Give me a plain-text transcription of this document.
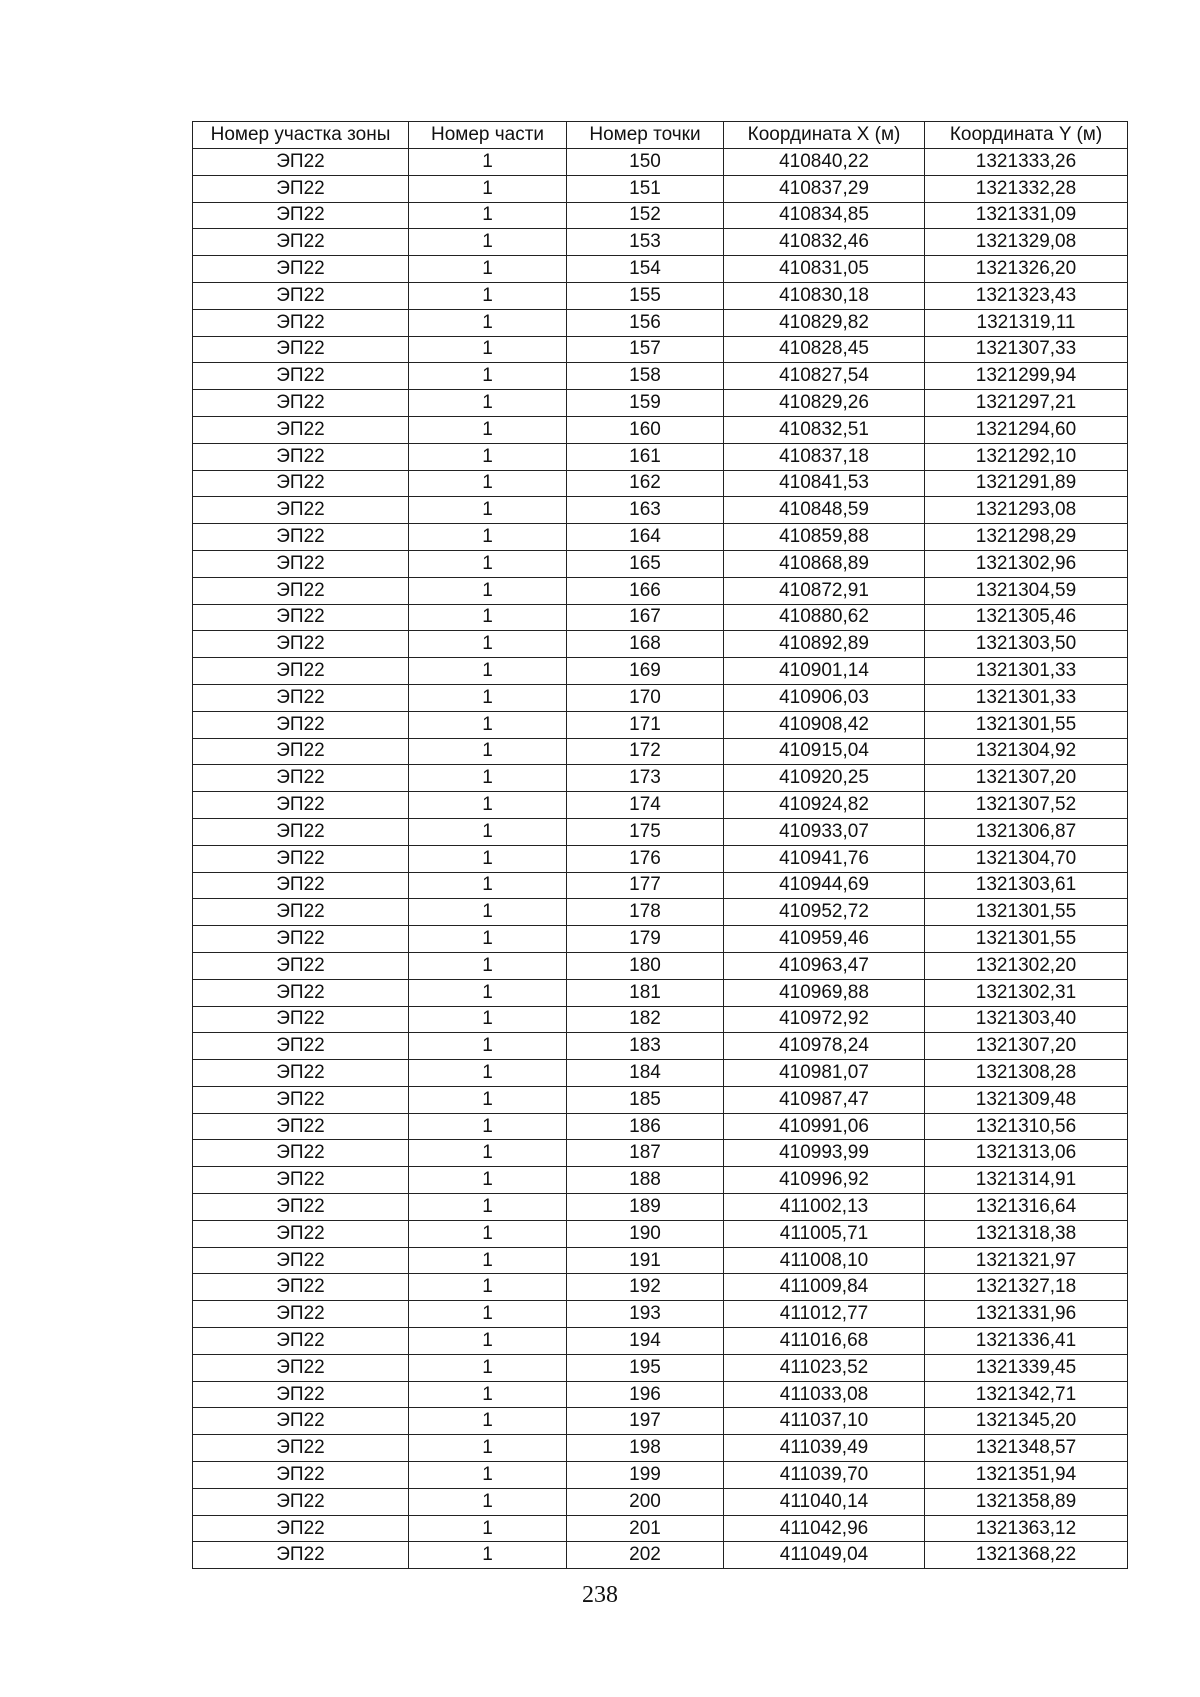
Номер участка зоны	Номер части	Номер точки	Координата X (м)	Координата Y (м)
ЭП22	1	150	410840,22	1321333,26
ЭП22	1	151	410837,29	1321332,28
ЭП22	1	152	410834,85	1321331,09
ЭП22	1	153	410832,46	1321329,08
ЭП22	1	154	410831,05	1321326,20
ЭП22	1	155	410830,18	1321323,43
ЭП22	1	156	410829,82	1321319,11
ЭП22	1	157	410828,45	1321307,33
ЭП22	1	158	410827,54	1321299,94
ЭП22	1	159	410829,26	1321297,21
ЭП22	1	160	410832,51	1321294,60
ЭП22	1	161	410837,18	1321292,10
ЭП22	1	162	410841,53	1321291,89
ЭП22	1	163	410848,59	1321293,08
ЭП22	1	164	410859,88	1321298,29
ЭП22	1	165	410868,89	1321302,96
ЭП22	1	166	410872,91	1321304,59
ЭП22	1	167	410880,62	1321305,46
ЭП22	1	168	410892,89	1321303,50
ЭП22	1	169	410901,14	1321301,33
ЭП22	1	170	410906,03	1321301,33
ЭП22	1	171	410908,42	1321301,55
ЭП22	1	172	410915,04	1321304,92
ЭП22	1	173	410920,25	1321307,20
ЭП22	1	174	410924,82	1321307,52
ЭП22	1	175	410933,07	1321306,87
ЭП22	1	176	410941,76	1321304,70
ЭП22	1	177	410944,69	1321303,61
ЭП22	1	178	410952,72	1321301,55
ЭП22	1	179	410959,46	1321301,55
ЭП22	1	180	410963,47	1321302,20
ЭП22	1	181	410969,88	1321302,31
ЭП22	1	182	410972,92	1321303,40
ЭП22	1	183	410978,24	1321307,20
ЭП22	1	184	410981,07	1321308,28
ЭП22	1	185	410987,47	1321309,48
ЭП22	1	186	410991,06	1321310,56
ЭП22	1	187	410993,99	1321313,06
ЭП22	1	188	410996,92	1321314,91
ЭП22	1	189	411002,13	1321316,64
ЭП22	1	190	411005,71	1321318,38
ЭП22	1	191	411008,10	1321321,97
ЭП22	1	192	411009,84	1321327,18
ЭП22	1	193	411012,77	1321331,96
ЭП22	1	194	411016,68	1321336,41
ЭП22	1	195	411023,52	1321339,45
ЭП22	1	196	411033,08	1321342,71
ЭП22	1	197	411037,10	1321345,20
ЭП22	1	198	411039,49	1321348,57
ЭП22	1	199	411039,70	1321351,94
ЭП22	1	200	411040,14	1321358,89
ЭП22	1	201	411042,96	1321363,12
ЭП22	1	202	411049,04	1321368,22
238
